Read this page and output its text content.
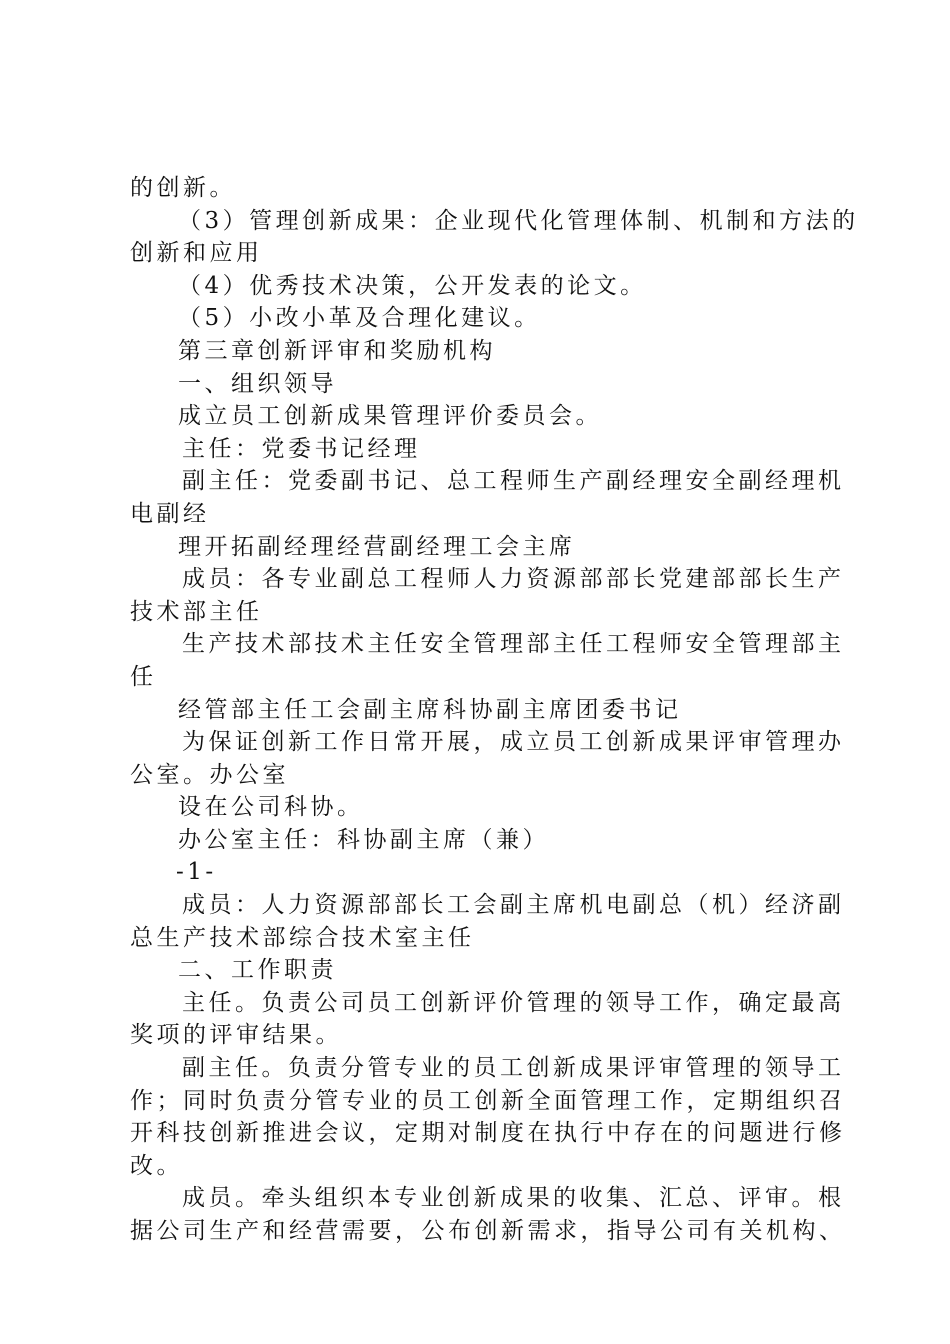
的创新。
（3）管理创新成果：企业现代化管理体制、机制和方法的
创新和应用
（4）优秀技术决策，公开发表的论文。
（5）小改小革及合理化建议。
第三章创新评审和奖励机构
一、组织领导
成立员工创新成果管理评价委员会。
主任：党委书记经理
副主任：党委副书记、总工程师生产副经理安全副经理机
电副经
理开拓副经理经营副经理工会主席
成员：各专业副总工程师人力资源部部长党建部部长生产
技术部主任
生产技术部技术主任安全管理部主任工程师安全管理部主
任
经管部主任工会副主席科协副主席团委书记
为保证创新工作日常开展，成立员工创新成果评审管理办
公室。办公室
设在公司科协。
办公室主任：科协副主席（兼）
-1-
成员：人力资源部部长工会副主席机电副总（机）经济副
总生产技术部综合技术室主任
二、工作职责
主任。负责公司员工创新评价管理的领导工作，确定最高
奖项的评审结果。
副主任。负责分管专业的员工创新成果评审管理的领导工
作；同时负责分管专业的员工创新全面管理工作，定期组织召
开科技创新推进会议，定期对制度在执行中存在的问题进行修
改。
成员。牵头组织本专业创新成果的收集、汇总、评审。根
据公司生产和经营需要，公布创新需求，指导公司有关机构、
